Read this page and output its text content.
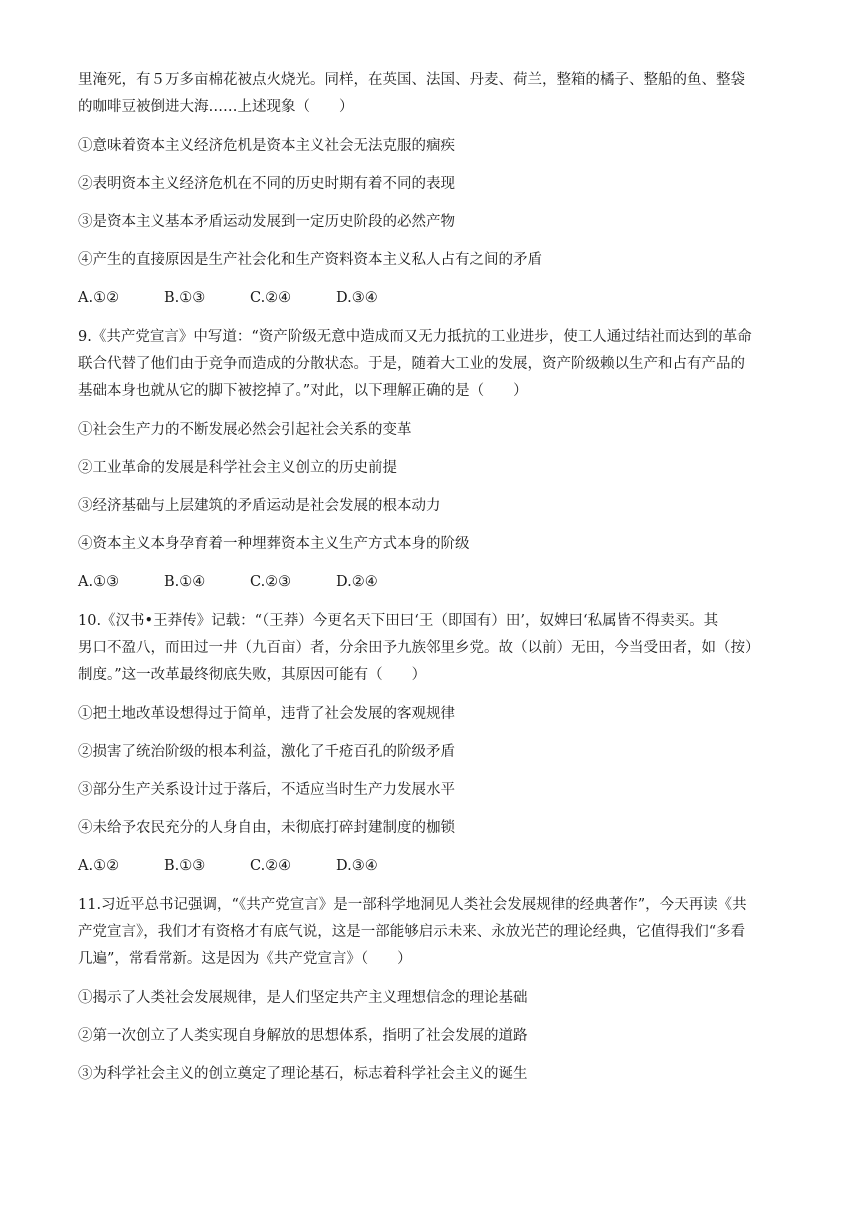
里淹死，有５万多亩棉花被点火烧光。同样，在英国、法国、丹麦、荷兰，整箱的橘子、整船的鱼、整袋
的咖啡豆被倒进大海……上述现象（　　）
①意味着资本主义经济危机是资本主义社会无法克服的痼疾
②表明资本主义经济危机在不同的历史时期有着不同的表现
③是资本主义基本矛盾运动发展到一定历史阶段的必然产物
④产生的直接原因是生产社会化和生产资料资本主义私人占有之间的矛盾
A.①②	B.①③	C.②④	D.③④
9.《共产党宣言》中写道：“资产阶级无意中造成而又无力抵抗的工业进步，使工人通过结社而达到的革命
联合代替了他们由于竞争而造成的分散状态。于是，随着大工业的发展，资产阶级赖以生产和占有产品的
基础本身也就从它的脚下被挖掉了。”对此，以下理解正确的是（　　）
①社会生产力的不断发展必然会引起社会关系的变革
②工业革命的发展是科学社会主义创立的历史前提
③经济基础与上层建筑的矛盾运动是社会发展的根本动力
④资本主义本身孕育着一种埋葬资本主义生产方式本身的阶级
A.①③	B.①④	C.②③	D.②④
10.《汉书•王莽传》记载：“（王莽）今更名天下田曰‘王（即国有）田’，奴婢曰‘私属皆不得卖买。其
男口不盈八，而田过一井（九百亩）者，分余田予九族邻里乡党。故（以前）无田，今当受田者，如（按）
制度。”这一改革最终彻底失败，其原因可能有（　　）
①把土地改革设想得过于简单，违背了社会发展的客观规律
②损害了统治阶级的根本利益，激化了千疮百孔的阶级矛盾
③部分生产关系设计过于落后，不适应当时生产力发展水平
④未给予农民充分的人身自由，未彻底打碎封建制度的枷锁
A.①②	B.①③	C.②④	D.③④
11.习近平总书记强调，“《共产党宣言》是一部科学地洞见人类社会发展规律的经典著作”，今天再读《共
产党宣言》，我们才有资格才有底气说，这是一部能够启示未来、永放光芒的理论经典，它值得我们“多看
几遍”，常看常新。这是因为《共产党宣言》（　　）
①揭示了人类社会发展规律，是人们坚定共产主义理想信念的理论基础
②第一次创立了人类实现自身解放的思想体系，指明了社会发展的道路
③为科学社会主义的创立奠定了理论基石，标志着科学社会主义的诞生
